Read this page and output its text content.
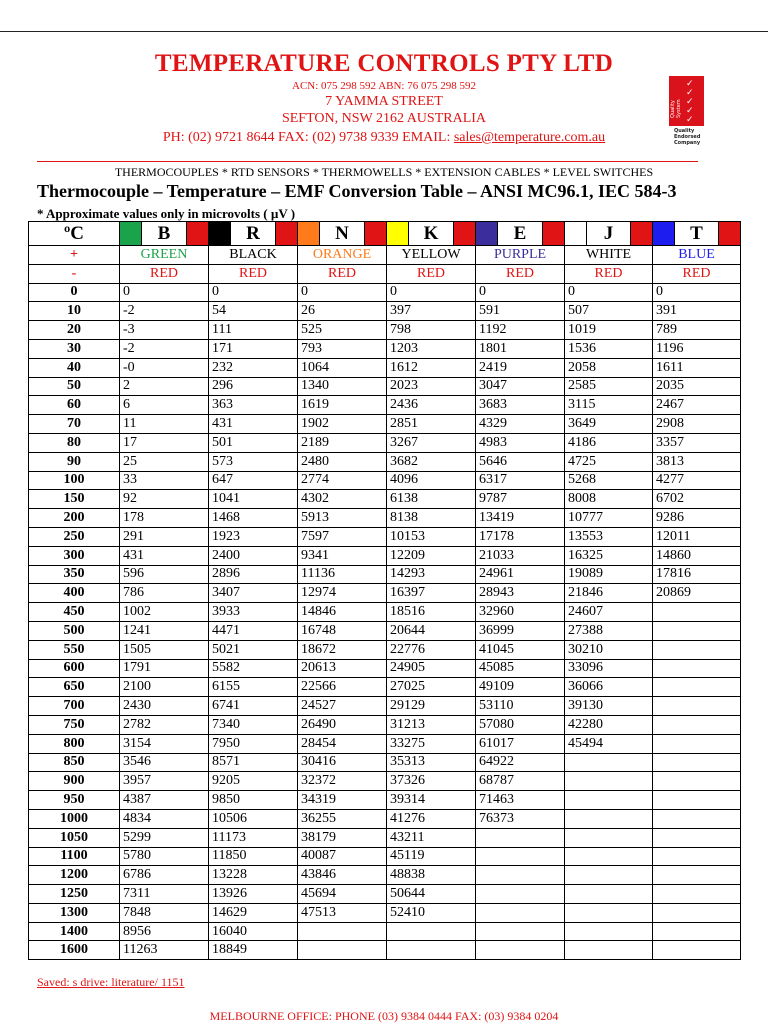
TEMPERATURE CONTROLS PTY LTD
ACN: 075 298 592 ABN: 76 075 298 592
7 YAMMA STREET
SEFTON, NSW 2162 AUSTRALIA
PH: (02) 9721 8644 FAX: (02) 9738 9339 EMAIL: sales@temperature.com.au
Quality System
✓
✓
✓
✓
✓
Quality
Endorsed
Company
THERMOCOUPLES * RTD SENSORS * THERMOWELLS * EXTENSION CABLES * LEVEL SWITCHES
Thermocouple – Temperature – EMF Conversion Table – ANSI MC96.1, IEC 584-3
* Approximate values only in microvolts ( µV )
ºC	B	R	N	K	E	J	T

+	GREEN	BLACK	ORANGE	YELLOW	PURPLE	WHITE	BLUE
-	RED	RED	RED	RED	RED	RED	RED
0	0	0	0	0	0	0	0
10	-2	54	26	397	591	507	391
20	-3	111	525	798	1192	1019	789
30	-2	171	793	1203	1801	1536	1196
40	-0	232	1064	1612	2419	2058	1611
50	2	296	1340	2023	3047	2585	2035
60	6	363	1619	2436	3683	3115	2467
70	11	431	1902	2851	4329	3649	2908
80	17	501	2189	3267	4983	4186	3357
90	25	573	2480	3682	5646	4725	3813
100	33	647	2774	4096	6317	5268	4277
150	92	1041	4302	6138	9787	8008	6702
200	178	1468	5913	8138	13419	10777	9286
250	291	1923	7597	10153	17178	13553	12011
300	431	2400	9341	12209	21033	16325	14860
350	596	2896	11136	14293	24961	19089	17816
400	786	3407	12974	16397	28943	21846	20869
450	1002	3933	14846	18516	32960	24607	
500	1241	4471	16748	20644	36999	27388	
550	1505	5021	18672	22776	41045	30210	
600	1791	5582	20613	24905	45085	33096	
650	2100	6155	22566	27025	49109	36066	
700	2430	6741	24527	29129	53110	39130	
750	2782	7340	26490	31213	57080	42280	
800	3154	7950	28454	33275	61017	45494	
850	3546	8571	30416	35313	64922		
900	3957	9205	32372	37326	68787		
950	4387	9850	34319	39314	71463		
1000	4834	10506	36255	41276	76373		
1050	5299	11173	38179	43211			
1100	5780	11850	40087	45119			
1200	6786	13228	43846	48838			
1250	7311	13926	45694	50644			
1300	7848	14629	47513	52410			
1400	8956	16040					
1600	11263	18849					
Saved: s drive: literature/ 1151
MELBOURNE OFFICE: PHONE (03) 9384 0444 FAX: (03) 9384 0204
